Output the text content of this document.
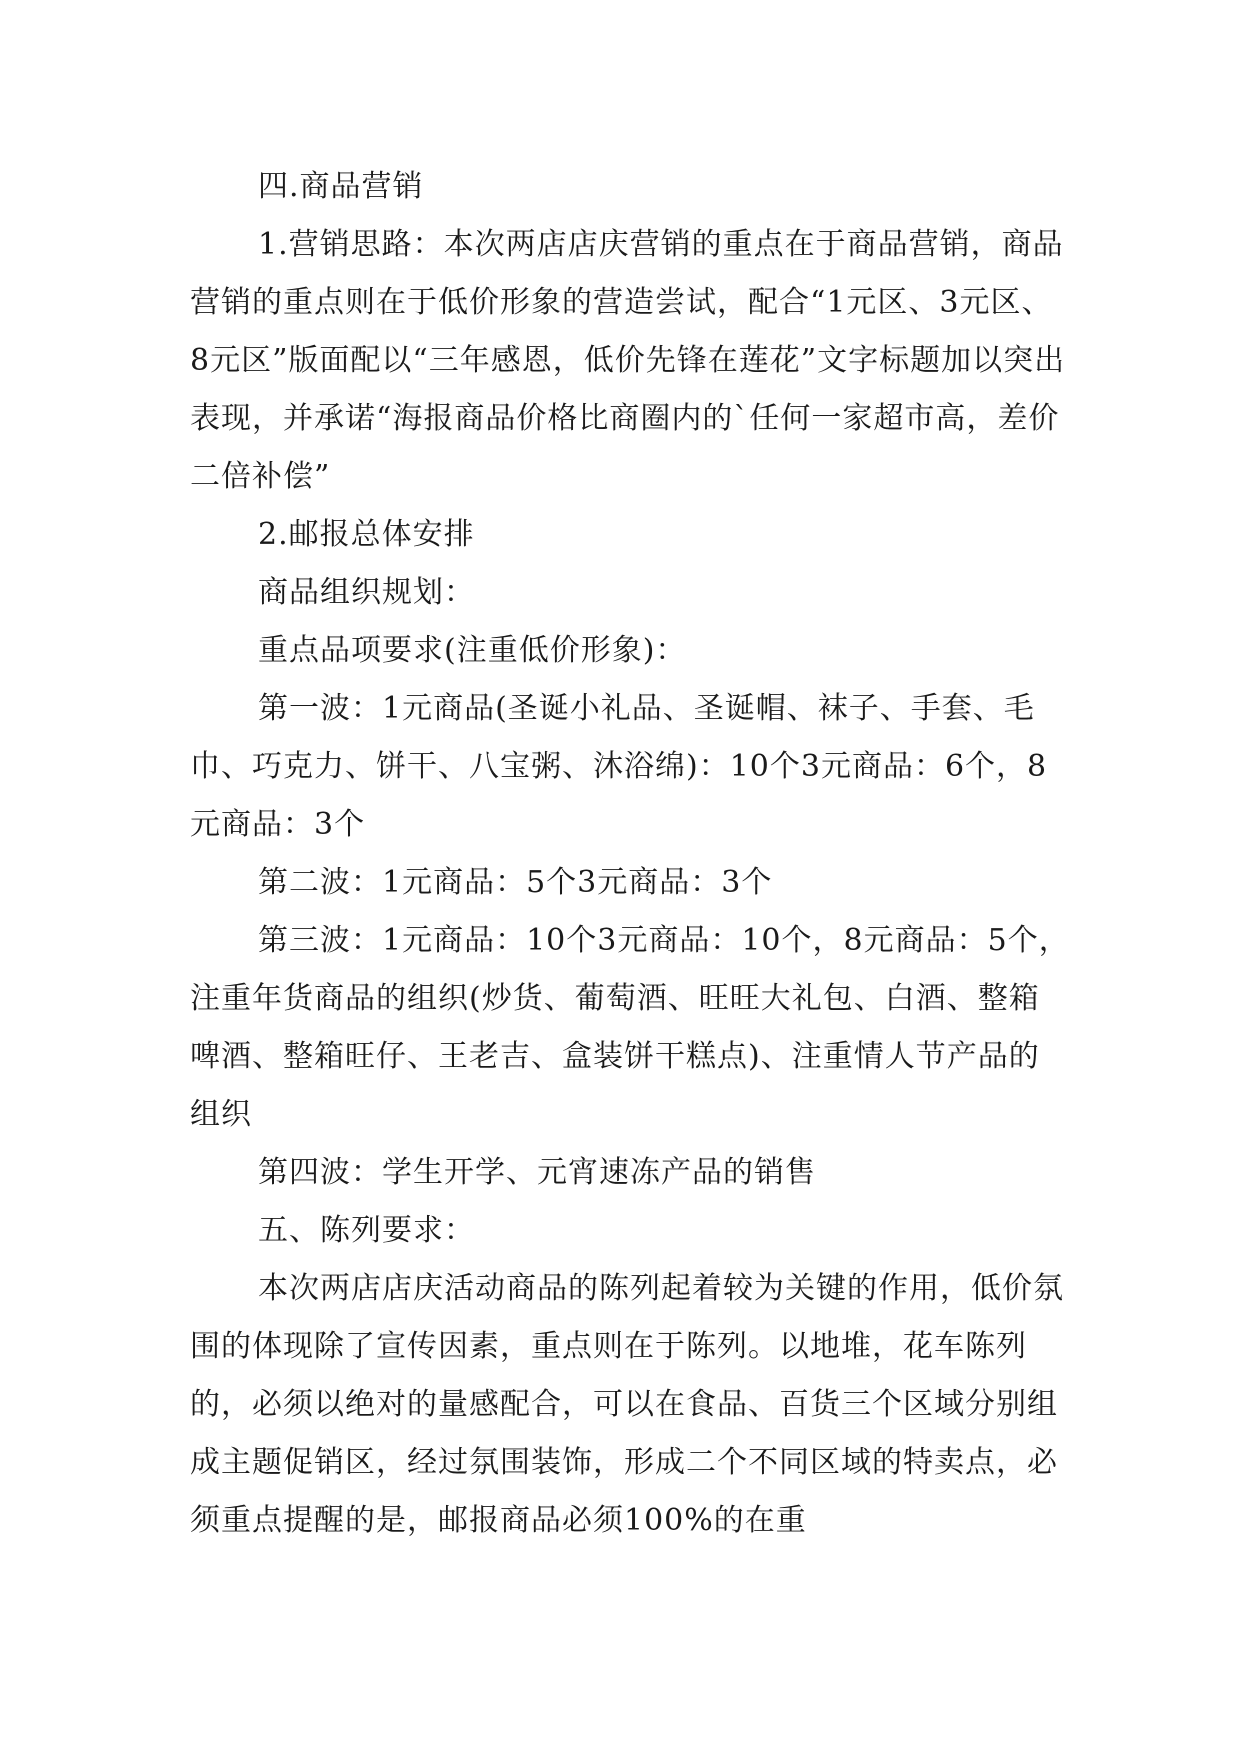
四.商品营销

1.营销思路：本次两店店庆营销的重点在于商品营销，商品营销的重点则在于低价形象的营造尝试，配合“1元区、3元区、8元区”版面配以“三年感恩，低价先锋在莲花”文字标题加以突出表现，并承诺“海报商品价格比商圈内的`任何一家超市高，差价二倍补偿”

2.邮报总体安排

商品组织规划：

重点品项要求(注重低价形象)：

第一波：1元商品(圣诞小礼品、圣诞帽、袜子、手套、毛巾、巧克力、饼干、八宝粥、沐浴绵)：10个3元商品：6个，8元商品：3个

第二波：1元商品：5个3元商品：3个

第三波：1元商品：10个3元商品：10个，8元商品：5个，注重年货商品的组织(炒货、葡萄酒、旺旺大礼包、白酒、整箱啤酒、整箱旺仔、王老吉、盒装饼干糕点)、注重情人节产品的组织

第四波：学生开学、元宵速冻产品的销售

五、陈列要求：

本次两店店庆活动商品的陈列起着较为关键的作用，低价氛围的体现除了宣传因素，重点则在于陈列。以地堆，花车陈列的，必须以绝对的量感配合，可以在食品、百货三个区域分别组成主题促销区，经过氛围装饰，形成二个不同区域的特卖点，必须重点提醒的是，邮报商品必须100%的在重
